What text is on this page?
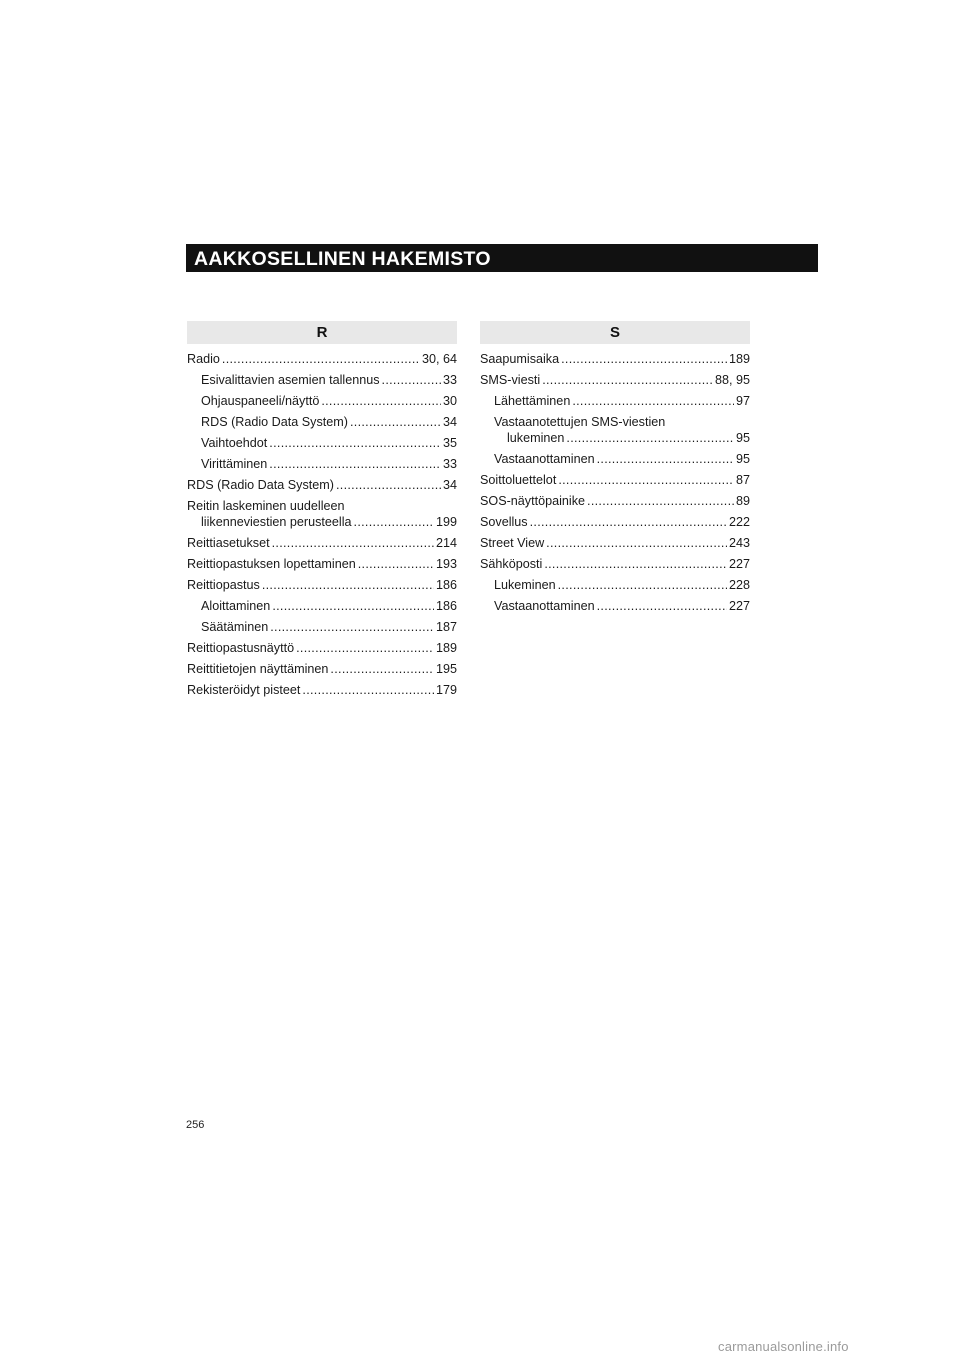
AAKKOSELLINEN HAKEMISTO
R
Radio .....	30, 64
Esivalittavien asemien tallennus .....	33
Ohjauspaneeli/näyttö .....	30
RDS (Radio Data System) .....	34
Vaihtoehdot .....	35
Virittäminen .....	33
RDS (Radio Data System) .....	34
Reitin laskeminen uudelleen
liikenneviestien perusteella .....	199
Reittiasetukset .....	214
Reittiopastuksen lopettaminen .....	193
Reittiopastus .....	186
Aloittaminen .....	186
Säätäminen .....	187
Reittiopastusnäyttö .....	189
Reittitietojen näyttäminen .....	195
Rekisteröidyt pisteet .....	179
S
Saapumisaika .....	189
SMS-viesti .....	88, 95
Lähettäminen .....	97
Vastaanotettujen SMS-viestien
lukeminen .....	95
Vastaanottaminen .....	95
Soittoluettelot .....	87
SOS-näyttöpainike .....	89
Sovellus .....	222
Street View .....	243
Sähköposti .....	227
Lukeminen .....	228
Vastaanottaminen .....	227
256
carmanualsonline.info
